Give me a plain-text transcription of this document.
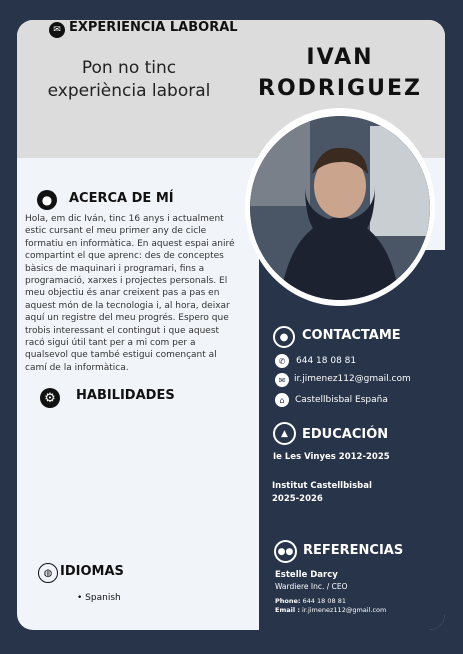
✉ EXPERIENCIA LABORAL
Pon no tinc
experiència laboral
IVAN
RODRIGUEZ
●	ACERCA DE MÍ
Hola, em dic Iván, tinc 16 anys i actualment
estic cursant el meu primer any de cicle
formatiu en informàtica. En aquest espai aniré
compartint el que aprenc: des de conceptes
bàsics de maquinari i programari, fins a
programació, xarxes i projectes personals. El
meu objectiu és anar creixent pas a pas en
aquest món de la tecnologia i, al hora, deixar
aquí un registre del meu progrés. Espero que
trobis interessant el contingut i que aquest
racó sigui útil tant per a mi com per a
qualsevol que també estigui començant al
camí de la informàtica.
⚙	HABILIDADES
◍ IDIOMAS
• Spanish
●	CONTACTAME
✆	644 18 08 81
✉ ir.jimenez112@gmail.com
⌂	Castellbisbal España
▲	EDUCACIÓN
Ie Les Vinyes 2012-2025
Institut Castellbisbal
2025-2026
●● REFERENCIAS
Estelle Darcy
Wardiere Inc. / CEO
Phone: 644 18 08 81
Email : ir.jimenez112@gmail.com
